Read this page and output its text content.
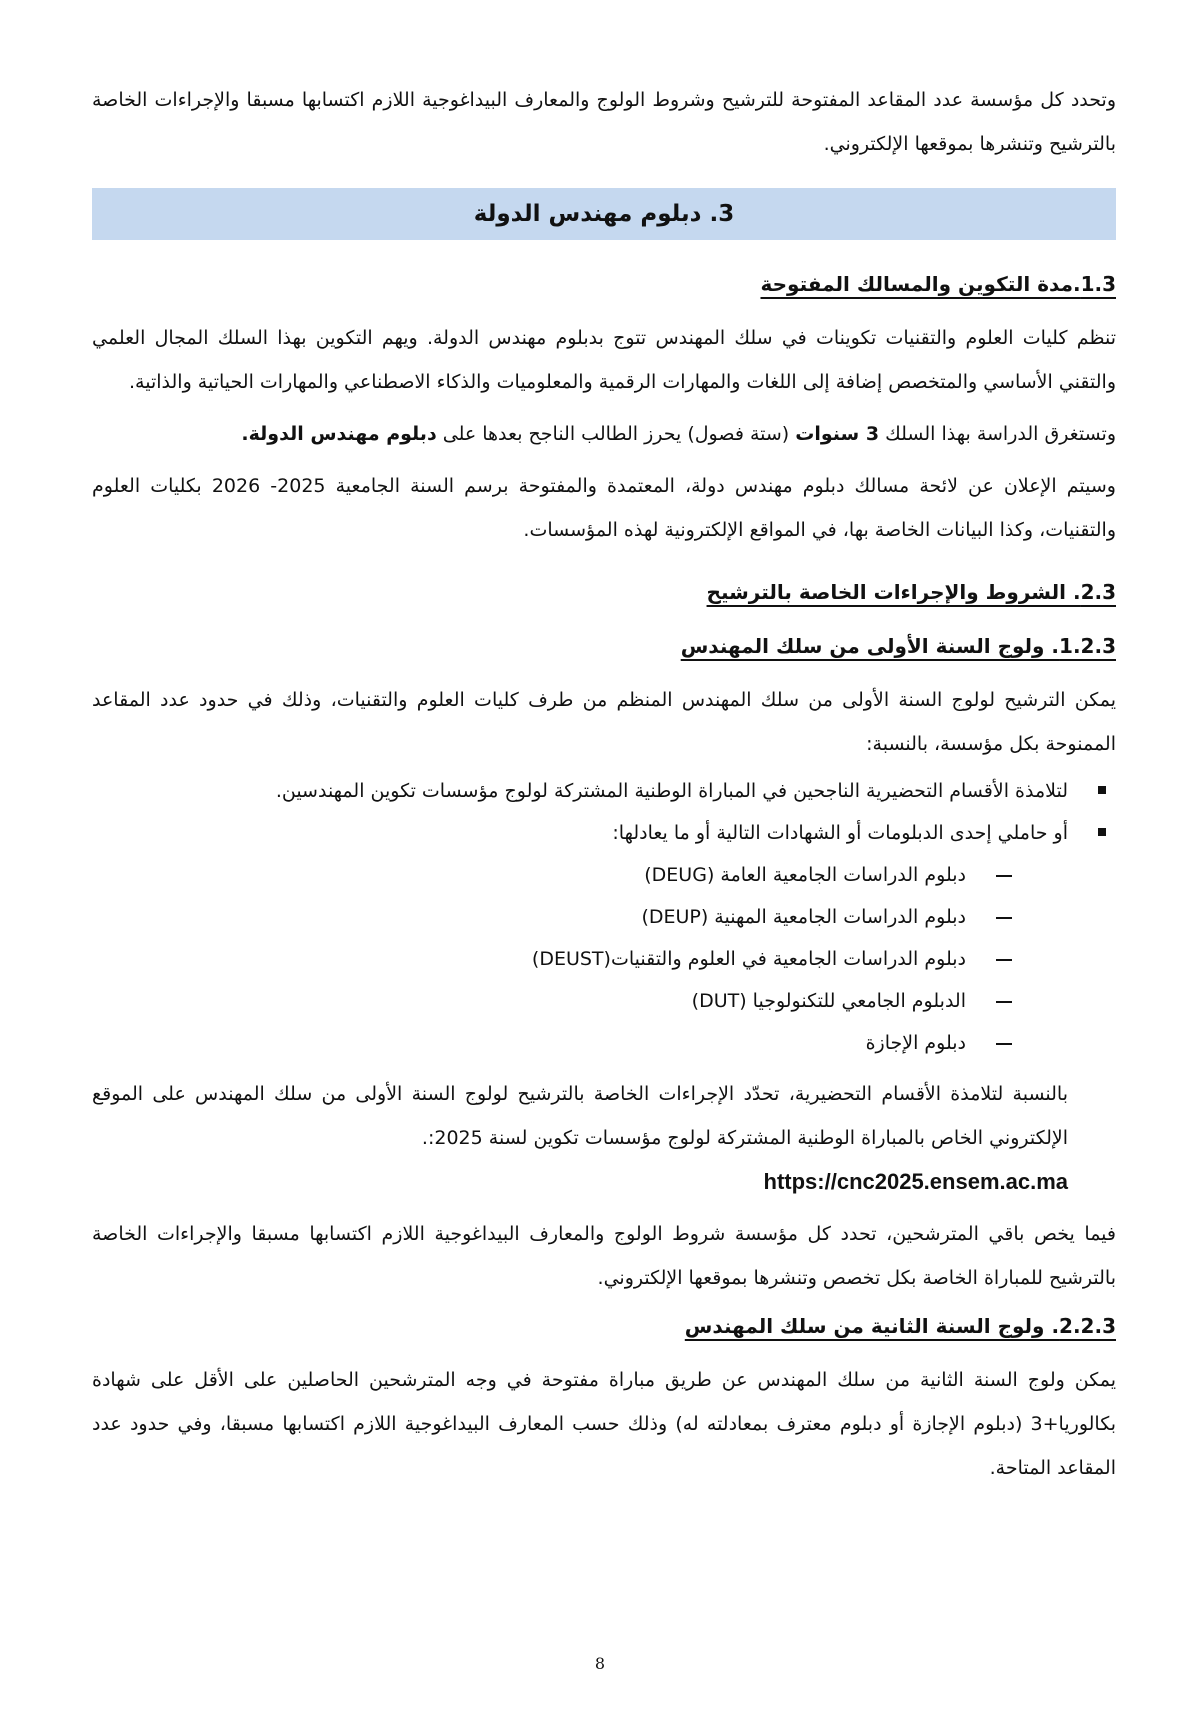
وتحدد كل مؤسسة عدد المقاعد المفتوحة للترشيح وشروط الولوج والمعارف البيداغوجية اللازم اكتسابها مسبقا والإجراءات الخاصة بالترشيح وتنشرها بموقعها الإلكتروني.

3. دبلوم مهندس الدولة
1.3.مدة التكوين والمسالك المفتوحة

تنظم كليات العلوم والتقنيات تكوينات في سلك المهندس تتوج بدبلوم مهندس الدولة. ويهم التكوين بهذا السلك المجال العلمي والتقني الأساسي والمتخصص إضافة إلى اللغات والمهارات الرقمية والمعلوميات والذكاء الاصطناعي والمهارات الحياتية والذاتية.

وتستغرق الدراسة بهذا السلك 3 سنوات (ستة فصول) يحرز الطالب الناجح بعدها على دبلوم مهندس الدولة.

وسيتم الإعلان عن لائحة مسالك دبلوم مهندس دولة، المعتمدة والمفتوحة برسم السنة الجامعية 2025- 2026 بكليات العلوم والتقنيات، وكذا البيانات الخاصة بها، في المواقع الإلكترونية لهذه المؤسسات.

2.3. الشروط والإجراءات الخاصة بالترشيح
1.2.3. ولوج السنة الأولى من سلك المهندس

يمكن الترشيح لولوج السنة الأولى من سلك المهندس المنظم من طرف كليات العلوم والتقنيات، وذلك في حدود عدد المقاعد الممنوحة بكل مؤسسة، بالنسبة:

لتلامذة الأقسام التحضيرية الناجحين في المباراة الوطنية المشتركة لولوج مؤسسات تكوين المهندسين.
أو حاملي إحدى الدبلومات أو الشهادات التالية أو ما يعادلها:
دبلوم الدراسات الجامعية العامة (DEUG)
دبلوم الدراسات الجامعية المهنية (DEUP)
دبلوم الدراسات الجامعية في العلوم والتقنيات(DEUST)
الدبلوم الجامعي للتكنولوجيا (DUT)
دبلوم الإجازة

بالنسبة لتلامذة الأقسام التحضيرية، تحدّد الإجراءات الخاصة بالترشيح لولوج السنة الأولى من سلك المهندس على الموقع الإلكتروني الخاص بالمباراة الوطنية المشتركة لولوج مؤسسات تكوين لسنة 2025:.

https://cnc2025.ensem.ac.ma

فيما يخص باقي المترشحين، تحدد كل مؤسسة شروط الولوج والمعارف البيداغوجية اللازم اكتسابها مسبقا والإجراءات الخاصة بالترشيح للمباراة الخاصة بكل تخصص وتنشرها بموقعها الإلكتروني.

2.2.3. ولوج السنة الثانية من سلك المهندس

يمكن ولوج السنة الثانية من سلك المهندس عن طريق مباراة مفتوحة في وجه المترشحين الحاصلين على الأقل على شهادة بكالوريا+3 (دبلوم الإجازة أو دبلوم معترف بمعادلته له) وذلك حسب المعارف البيداغوجية اللازم اكتسابها مسبقا، وفي حدود عدد المقاعد المتاحة.

8
